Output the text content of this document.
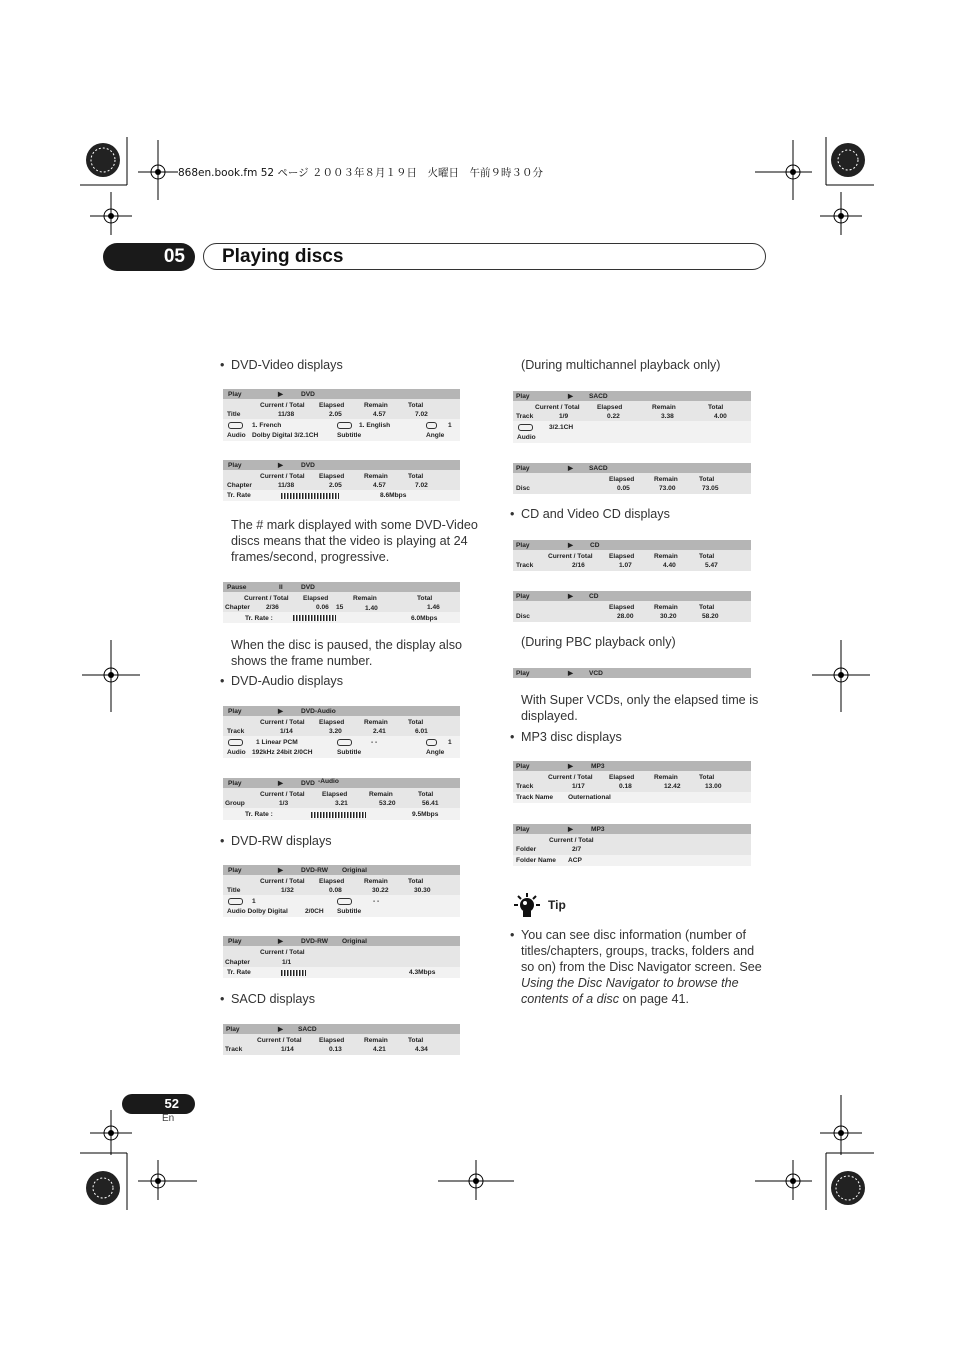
868en.book.fm 52 ページ ２００３年８月１９日　火曜日　午前９時３０分
05	Playing discs
• DVD-Video displays
Play	▶	DVD
Current / Total Elapsed	Remain	Total
Title	11/38	2.05	4.57	7.02
1. French	1. English	1
Audio Dolby Digital 3/2.1CH	Subtitle	Angle
Play	▶	DVD
Current / Total Elapsed	Remain	Total
Chapter	11/38	2.05	4.57	7.02
Tr. Rate	8.6Mbps
The # mark displayed with some DVD-Video discs means that the video is playing at 24 frames/second, progressive.
Pause	II	DVD
Current / Total Elapsed	Remain	Total
Chapter 2/36	0.06 15	1.40	1.46
Tr. Rate :	6.0Mbps
When the disc is paused, the display also shows the frame number.
• DVD-Audio displays
Play	▶	DVD-Audio
Current / Total Elapsed	Remain	Total
Track	1/14	3.20	2.41	6.01
1 Linear PCM	- -	1
Audio 192kHz 24bit 2/0CH	Subtitle	Angle
Play	▶	DVD -Audio
Current / Total	Elapsed	Remain	Total
Group	1/3	3.21	53.20	56.41
Tr. Rate :	9.5Mbps
• DVD-RW displays
Play	▶	DVD-RW Original
Current / Total Elapsed	Remain	Total
Title	1/32	0.08	30.22	30.30
1	- -
Audio Dolby Digital	2/0CH Subtitle
Play	▶	DVD-RW Original
Current / Total
Chapter	1/1
Tr. Rate	4.3Mbps
• SACD displays
Play	▶ SACD
Current / Total	Elapsed	Remain	Total
Track	1/14	0.13	4.21	4.34
(During multichannel playback only)
Play	▶ SACD
Current / Total	Elapsed	Remain	Total
Track	1/9	0.22	3.38	4.00
3/2.1CH
Audio
Play	▶ SACD
Elapsed	Remain	Total
Disc	0.05	73.00	73.05
• CD and Video CD displays
Play	▶	CD
Current / Total Elapsed	Remain	Total
Track	2/16	1.07	4.40	5.47
Play	▶ CD
Elapsed	Remain	Total
Disc	28.00	30.20	58.20
(During PBC playback only)
Play	▶ VCD
With Super VCDs, only the elapsed time is displayed.
• MP3 disc displays
Play	▶	MP3
Current / Total Elapsed	Remain	Total
Track	1/17	0.18	12.42	13.00
Track Name Outernational
Play	▶	MP3
Current / Total
Folder	2/7
Folder Name ACP
Tip
• You can see disc information (number of titles/chapters, groups, tracks, folders and so on) from the Disc Navigator screen. See Using the Disc Navigator to browse the contents of a disc on page 41.
52
En
